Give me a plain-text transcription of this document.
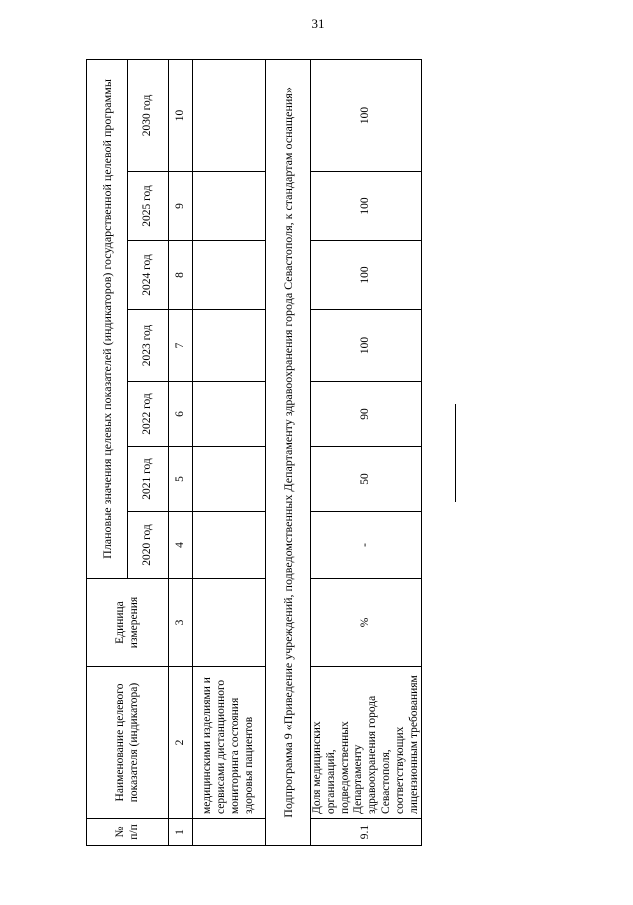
31
№ п/п	Наименование целевого показателя (индикатора)	Единица измерения	Плановые значения целевых показателей (индикаторов) государственной целевой программы						
			2020 год	2021 год	2022 год	2023 год	2024 год	2025 год	2030 год
1	2	3	4	5	6	7	8	9	10
	медицинскими изделиями и сервисами дистанционного мониторинга состояния здоровья пациентов								
Подпрограмма 9 «Приведение учреждений, подведомственных Департаменту здравоохранения города Севастополя, к стандартам оснащения»									
9.1	Доля медицинских организаций, подведомственных Департаменту здравоохранения города Севастополя, соответствующих лицензионным требованиям	%	-	50	90	100	100	100	100
